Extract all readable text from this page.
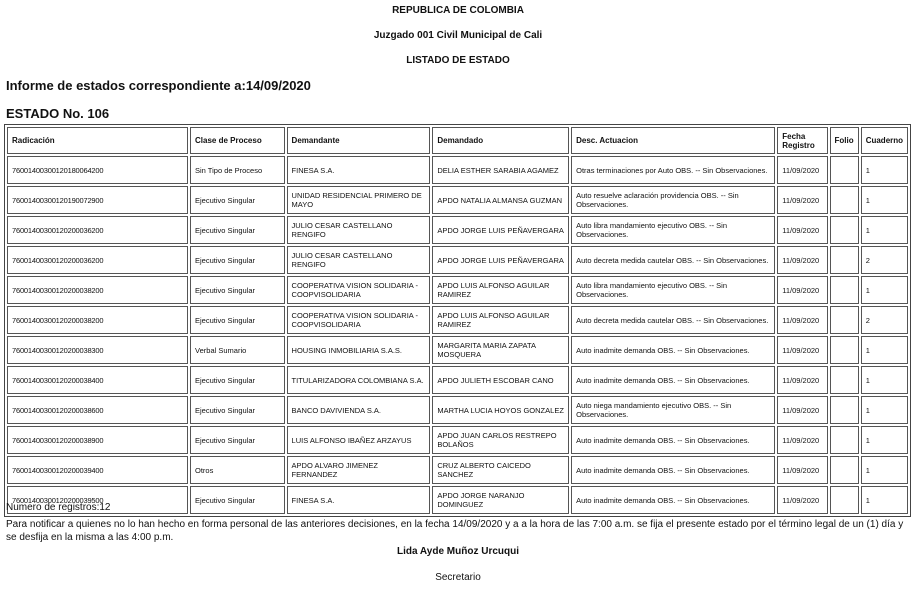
REPUBLICA DE COLOMBIA
Juzgado 001 Civil Municipal de Cali
LISTADO DE ESTADO
Informe de estados correspondiente a:14/09/2020
ESTADO No. 106
Radicación	Clase de Proceso	Demandante	Demandado	Desc. Actuacion	Fecha Registro	Folio	Cuaderno
76001400300120180064200	Sin Tipo de Proceso	FINESA S.A.	DELIA ESTHER SARABIA AGAMEZ	Otras terminaciones por Auto OBS. -- Sin Observaciones.	11/09/2020		1
76001400300120190072900	Ejecutivo Singular	UNIDAD RESIDENCIAL PRIMERO DE MAYO	APDO NATALIA ALMANSA GUZMAN	Auto resuelve aclaración providencia OBS. -- Sin Observaciones.	11/09/2020		1
76001400300120200036200	Ejecutivo Singular	JULIO CESAR CASTELLANO RENGIFO	APDO JORGE LUIS PEÑAVERGARA	Auto libra mandamiento ejecutivo OBS. -- Sin Observaciones.	11/09/2020		1
76001400300120200036200	Ejecutivo Singular	JULIO CESAR CASTELLANO RENGIFO	APDO JORGE LUIS PEÑAVERGARA	Auto decreta medida cautelar OBS. -- Sin Observaciones.	11/09/2020		2
76001400300120200038200	Ejecutivo Singular	COOPERATIVA VISION SOLIDARIA - COOPVISOLIDARIA	APDO LUIS ALFONSO AGUILAR RAMIREZ	Auto libra mandamiento ejecutivo OBS. -- Sin Observaciones.	11/09/2020		1
76001400300120200038200	Ejecutivo Singular	COOPERATIVA VISION SOLIDARIA - COOPVISOLIDARIA	APDO LUIS ALFONSO AGUILAR RAMIREZ	Auto decreta medida cautelar OBS. -- Sin Observaciones.	11/09/2020		2
76001400300120200038300	Verbal Sumario	HOUSING INMOBILIARIA S.A.S.	MARGARITA MARIA ZAPATA MOSQUERA	Auto inadmite demanda OBS. -- Sin Observaciones.	11/09/2020		1
76001400300120200038400	Ejecutivo Singular	TITULARIZADORA COLOMBIANA S.A.	APDO JULIETH ESCOBAR CANO	Auto inadmite demanda OBS. -- Sin Observaciones.	11/09/2020		1
76001400300120200038600	Ejecutivo Singular	BANCO DAVIVIENDA S.A.	MARTHA LUCIA HOYOS GONZALEZ	Auto niega mandamiento ejecutivo OBS. -- Sin Observaciones.	11/09/2020		1
76001400300120200038900	Ejecutivo Singular	LUIS ALFONSO IBAÑEZ ARZAYUS	APDO JUAN CARLOS RESTREPO BOLAÑOS	Auto inadmite demanda OBS. -- Sin Observaciones.	11/09/2020		1
76001400300120200039400	Otros	APDO ALVARO JIMENEZ FERNANDEZ	CRUZ ALBERTO CAICEDO SANCHEZ	Auto inadmite demanda OBS. -- Sin Observaciones.	11/09/2020		1
76001400300120200039500	Ejecutivo Singular	FINESA S.A.	APDO JORGE NARANJO DOMINGUEZ	Auto inadmite demanda OBS. -- Sin Observaciones.	11/09/2020		1
Numero de registros:12
Para notificar a quienes no lo han hecho en forma personal de las anteriores decisiones, en la fecha 14/09/2020 y a a la hora de las 7:00 a.m. se fija el presente estado por el término legal de un (1) día y se desfija en la misma a las 4:00 p.m.
Lida Ayde Muñoz Urcuqui
Secretario
